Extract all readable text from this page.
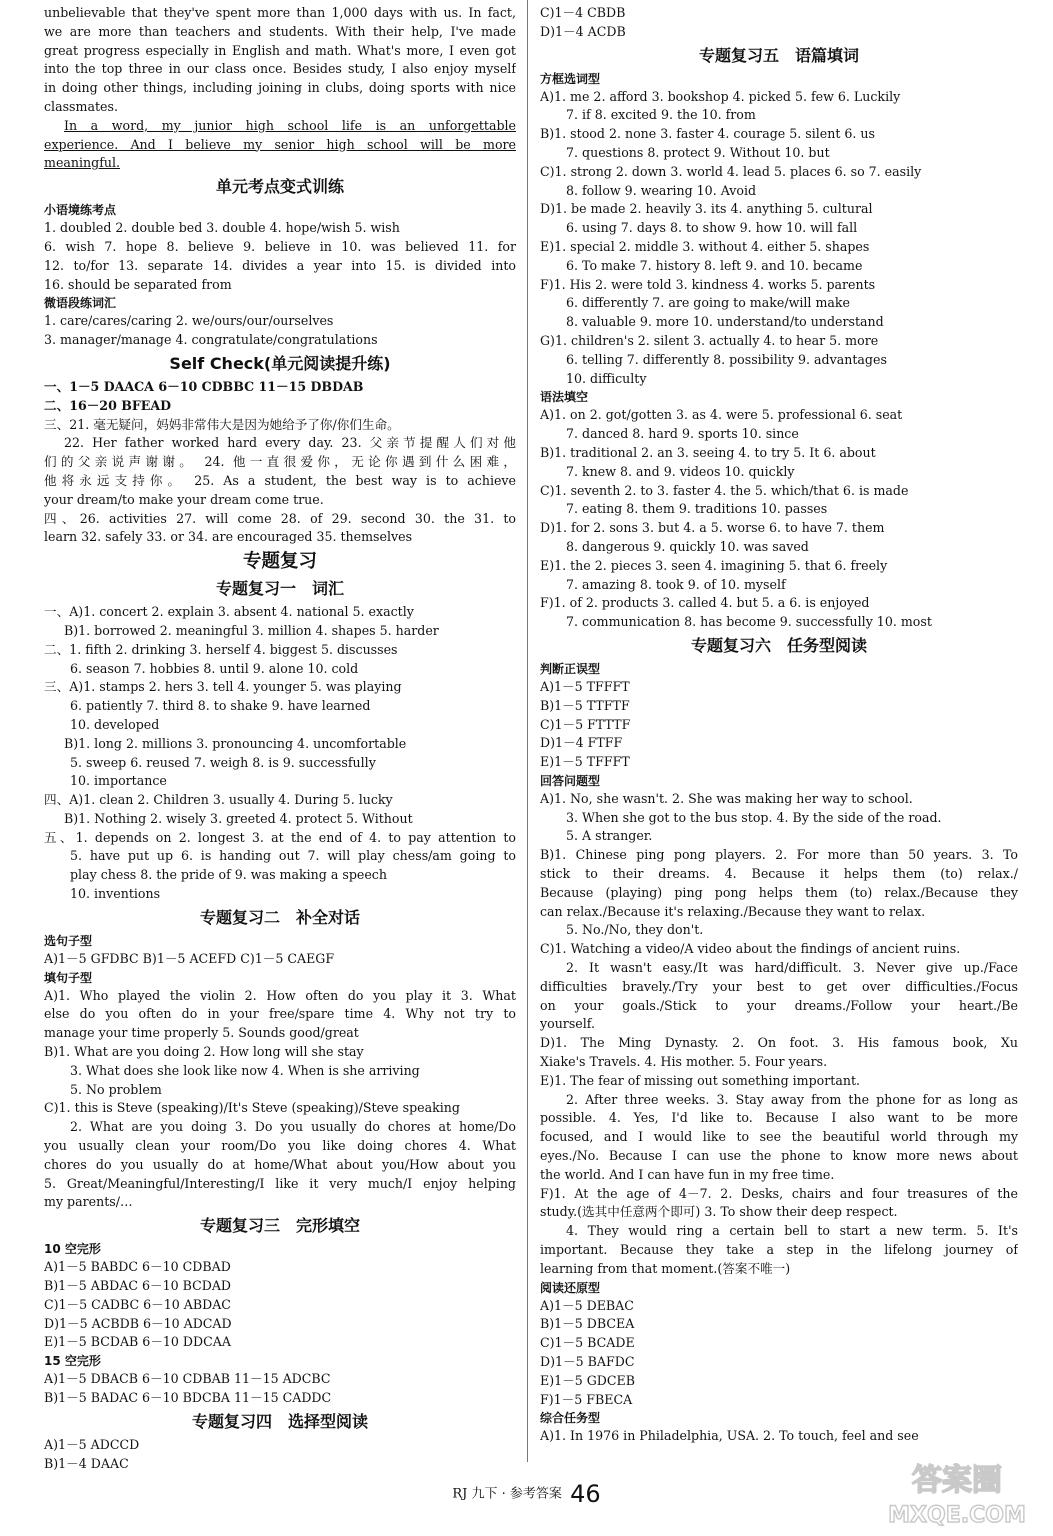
unbelievable that they've spent more than 1,000 days with us. In fact,
we are more than teachers and students. With their help, I've made
great progress especially in English and math. What's more, I even got
into the top three in our class once. Besides study, I also enjoy myself
in doing other things, including joining in clubs, doing sports with nice
classmates.
In a word, my junior high school life is an unforgettable
experience. And I believe my senior high school will be more
meaningful.
单元考点变式训练
小语境练考点
1. doubled 2. double bed 3. double 4. hope/wish 5. wish
6. wish 7. hope 8. believe 9. believe in 10. was believed 11. for
12. to/for 13. separate 14. divides a year into 15. is divided into
16. should be separated from
微语段练词汇
1. care/cares/caring 2. we/ours/our/ourselves
3. manager/manage 4. congratulate/congratulations
Self Check(单元阅读提升练)
一、1－5 DAACA 6－10 CDBBC 11－15 DBDAB
二、16－20 BFEAD
三、21. 毫无疑问，妈妈非常伟大是因为她给予了你/你们生命。
22. Her father worked hard every day. 23. 父亲节提醒人们对他
们的父亲说声谢谢。 24. 他一直很爱你，无论你遇到什么困难，
他将永远支持你。 25. As a student, the best way is to achieve
your dream/to make your dream come true.
四、26. activities 27. will come 28. of 29. second 30. the 31. to
learn 32. safely 33. or 34. are encouraged 35. themselves
专题复习
专题复习一　词汇
一、A)1. concert 2. explain 3. absent 4. national 5. exactly
B)1. borrowed 2. meaningful 3. million 4. shapes 5. harder
二、1. fifth 2. drinking 3. herself 4. biggest 5. discusses
6. season 7. hobbies 8. until 9. alone 10. cold
三、A)1. stamps 2. hers 3. tell 4. younger 5. was playing
6. patiently 7. third 8. to shake 9. have learned
10. developed
B)1. long 2. millions 3. pronouncing 4. uncomfortable
5. sweep 6. reused 7. weigh 8. is 9. successfully
10. importance
四、A)1. clean 2. Children 3. usually 4. During 5. lucky
B)1. Nothing 2. wisely 3. greeted 4. protect 5. Without
五、1. depends on 2. longest 3. at the end of 4. to pay attention to
5. have put up 6. is handing out 7. will play chess/am going to
play chess 8. the pride of 9. was making a speech
10. inventions
专题复习二　补全对话
选句子型
A)1－5 GFDBC B)1－5 ACEFD C)1－5 CAEGF
填句子型
A)1. Who played the violin 2. How often do you play it 3. What
else do you often do in your free/spare time 4. Why not try to
manage your time properly 5. Sounds good/great
B)1. What are you doing 2. How long will she stay
3. What does she look like now 4. When is she arriving
5. No problem
C)1. this is Steve (speaking)/It's Steve (speaking)/Steve speaking
2. What are you doing 3. Do you usually do chores at home/Do
you usually clean your room/Do you like doing chores 4. What
chores do you usually do at home/What about you/How about you
5. Great/Meaningful/Interesting/I like it very much/I enjoy helping
my parents/…
专题复习三　完形填空
10 空完形
A)1－5 BABDC 6－10 CDBAD
B)1－5 ABDAC 6－10 BCDAD
C)1－5 CADBC 6－10 ABDAC
D)1－5 ACBDB 6－10 ADCAD
E)1－5 BCDAB 6－10 DDCAA
15 空完形
A)1－5 DBACB 6－10 CDBAB 11－15 ADCBC
B)1－5 BADAC 6－10 BDCBA 11－15 CADDC
专题复习四　选择型阅读
A)1－5 ADCCD
B)1－4 DAAC
C)1－4 CBDB
D)1－4 ACDB
专题复习五　语篇填词
方框选词型
A)1. me 2. afford 3. bookshop 4. picked 5. few 6. Luckily
7. if 8. excited 9. the 10. from
B)1. stood 2. none 3. faster 4. courage 5. silent 6. us
7. questions 8. protect 9. Without 10. but
C)1. strong 2. down 3. world 4. lead 5. places 6. so 7. easily
8. follow 9. wearing 10. Avoid
D)1. be made 2. heavily 3. its 4. anything 5. cultural
6. using 7. days 8. to show 9. how 10. will fall
E)1. special 2. middle 3. without 4. either 5. shapes
6. To make 7. history 8. left 9. and 10. became
F)1. His 2. were told 3. kindness 4. works 5. parents
6. differently 7. are going to make/will make
8. valuable 9. more 10. understand/to understand
G)1. children's 2. silent 3. actually 4. to hear 5. more
6. telling 7. differently 8. possibility 9. advantages
10. difficulty
语法填空
A)1. on 2. got/gotten 3. as 4. were 5. professional 6. seat
7. danced 8. hard 9. sports 10. since
B)1. traditional 2. an 3. seeing 4. to try 5. It 6. about
7. knew 8. and 9. videos 10. quickly
C)1. seventh 2. to 3. faster 4. the 5. which/that 6. is made
7. eating 8. them 9. traditions 10. passes
D)1. for 2. sons 3. but 4. a 5. worse 6. to have 7. them
8. dangerous 9. quickly 10. was saved
E)1. the 2. pieces 3. seen 4. imagining 5. that 6. freely
7. amazing 8. took 9. of 10. myself
F)1. of 2. products 3. called 4. but 5. a 6. is enjoyed
7. communication 8. has become 9. successfully 10. most
专题复习六　任务型阅读
判断正误型
A)1－5 TFFFT
B)1－5 TTFTF
C)1－5 FTTTF
D)1－4 FTFF
E)1－5 TFFFT
回答问题型
A)1. No, she wasn't. 2. She was making her way to school.
3. When she got to the bus stop. 4. By the side of the road.
5. A stranger.
B)1. Chinese ping pong players. 2. For more than 50 years. 3. To
stick to their dreams. 4. Because it helps them (to) relax./
Because (playing) ping pong helps them (to) relax./Because they
can relax./Because it's relaxing./Because they want to relax.
5. No./No, they don't.
C)1. Watching a video/A video about the findings of ancient ruins.
2. It wasn't easy./It was hard/difficult. 3. Never give up./Face
difficulties bravely./Try your best to get over difficulties./Focus
on your goals./Stick to your dreams./Follow your heart./Be
yourself.
D)1. The Ming Dynasty. 2. On foot. 3. His famous book, Xu
Xiake's Travels. 4. His mother. 5. Four years.
E)1. The fear of missing out something important.
2. After three weeks. 3. Stay away from the phone for as long as
possible. 4. Yes, I'd like to. Because I also want to be more
focused, and I would like to see the beautiful world through my
eyes./No. Because I can use the phone to know more news about
the world. And I can have fun in my free time.
F)1. At the age of 4－7. 2. Desks, chairs and four treasures of the
study.(选其中任意两个即可) 3. To show their deep respect.
4. They would ring a certain bell to start a new term. 5. It's
important. Because they take a step in the lifelong journey of
learning from that moment.(答案不唯一)
阅读还原型
A)1－5 DEBAC
B)1－5 DBCEA
C)1－5 BCADE
D)1－5 BAFDC
E)1－5 GDCEB
F)1－5 FBECA
综合任务型
A)1. In 1976 in Philadelphia, USA. 2. To touch, feel and see
RJ 九下 · 参考答案 46	答案圈
MXQE.COM
